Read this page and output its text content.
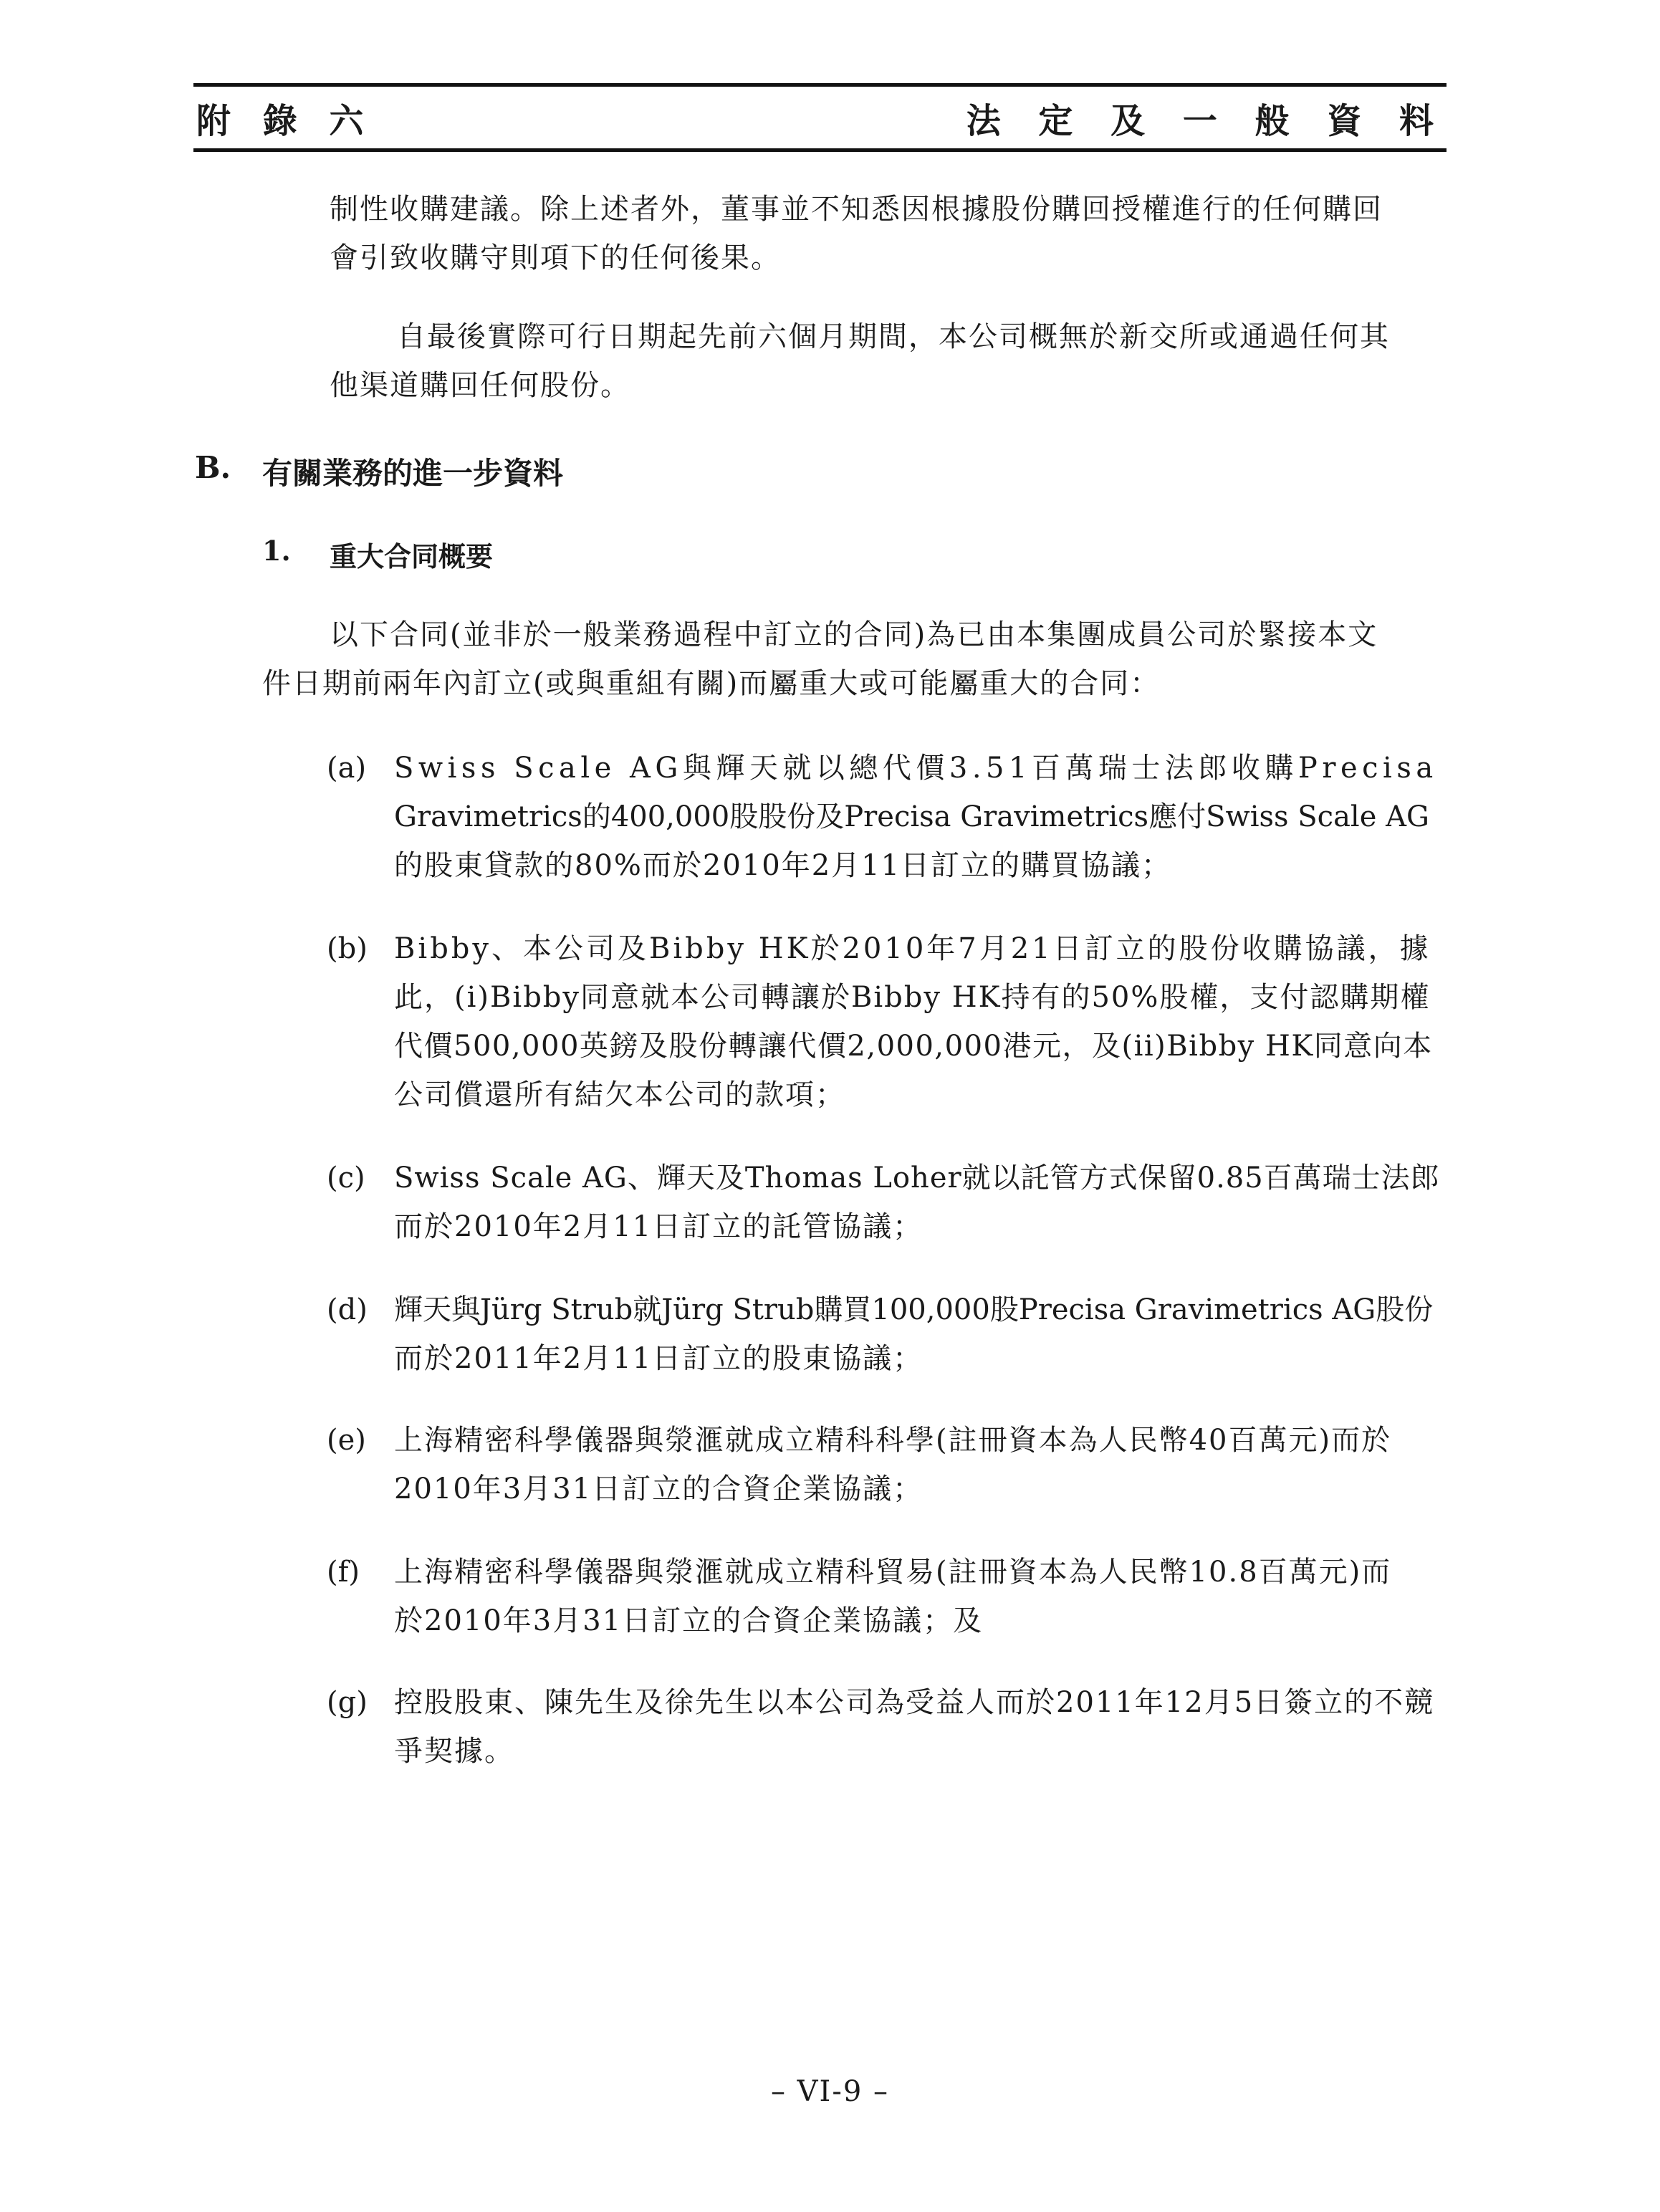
附 錄 六	法 定 及 一 般 資 料
制性收購建議。除上述者外，董事並不知悉因根據股份購回授權進行的任何購回
會引致收購守則項下的任何後果。
自最後實際可行日期起先前六個月期間，本公司概無於新交所或通過任何其
他渠道購回任何股份。
B. 有關業務的進一步資料
1. 重大合同概要
以下合同(並非於一般業務過程中訂立的合同)為已由本集團成員公司於緊接本文
件日期前兩年內訂立(或與重組有關)而屬重大或可能屬重大的合同：
(a) Swiss Scale AG與輝天就以總代價3.51百萬瑞士法郎收購Precisa
Gravimetrics的400,000股股份及Precisa Gravimetrics應付Swiss Scale AG
的股東貸款的80%而於2010年2月11日訂立的購買協議；
(b) Bibby、本公司及Bibby HK於2010年7月21日訂立的股份收購協議，據
此，(i)Bibby同意就本公司轉讓於Bibby HK持有的50%股權，支付認購期權
代價500,000英鎊及股份轉讓代價2,000,000港元，及(ii)Bibby HK同意向本
公司償還所有結欠本公司的款項；
(c) Swiss Scale AG、輝天及Thomas Loher就以託管方式保留0.85百萬瑞士法郎
而於2010年2月11日訂立的託管協議；
(d) 輝天與Jürg Strub就Jürg Strub購買100,000股Precisa Gravimetrics AG股份
而於2011年2月11日訂立的股東協議；
(e) 上海精密科學儀器與滎滙就成立精科科學(註冊資本為人民幣40百萬元)而於
2010年3月31日訂立的合資企業協議；
(f) 上海精密科學儀器與滎滙就成立精科貿易(註冊資本為人民幣10.8百萬元)而
於2010年3月31日訂立的合資企業協議；及
(g) 控股股東、陳先生及徐先生以本公司為受益人而於2011年12月5日簽立的不競
爭契據。
– VI-9 –
